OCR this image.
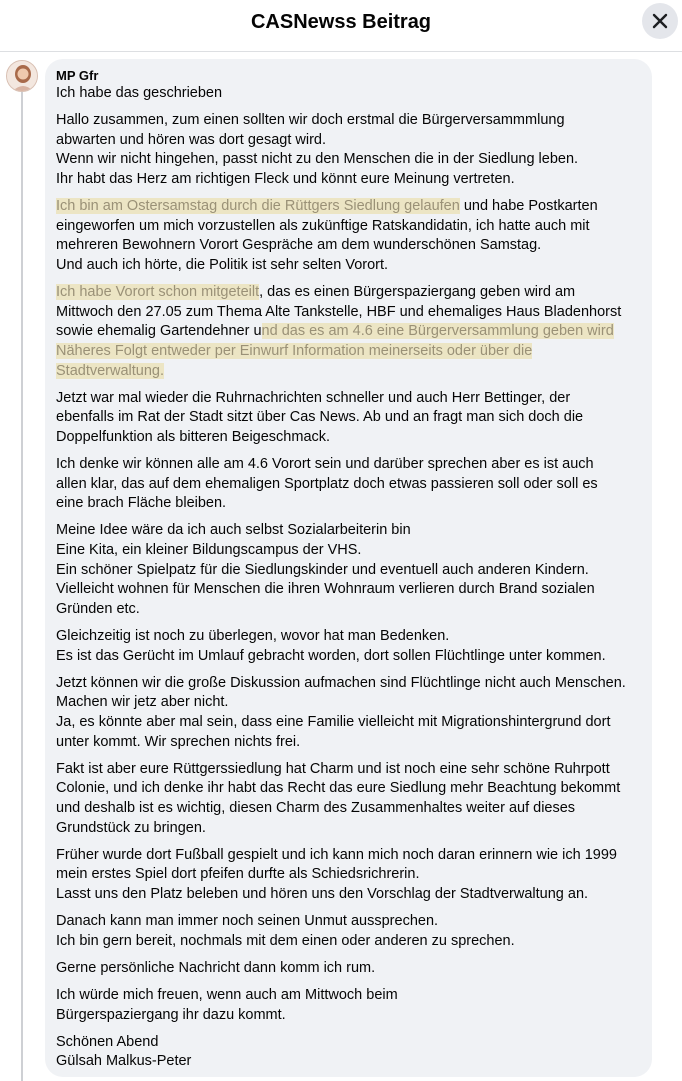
CASNewss Beitrag
MP Gfr
Ich habe das geschrieben
Hallo zusammen, zum einen sollten wir doch erstmal die Bürgerversammmlung
abwarten und hören was dort gesagt wird.
Wenn wir nicht hingehen, passt nicht zu den Menschen die in der Siedlung leben.
Ihr habt das Herz am richtigen Fleck und könnt eure Meinung vertreten.
Ich bin am Ostersamstag durch die Rüttgers Siedlung gelaufen und habe Postkarten
eingeworfen um mich vorzustellen als zukünftige Ratskandidatin, ich hatte auch mit
mehreren Bewohnern Vorort Gespräche am dem wunderschönen Samstag.
Und auch ich hörte, die Politik ist sehr selten Vorort.
Ich habe Vorort schon mitgeteilt, das es einen Bürgerspaziergang geben wird am
Mittwoch den 27.05 zum Thema Alte Tankstelle, HBF und ehemaliges Haus Bladenhorst
sowie ehemalig Gartendehner und das es am 4.6 eine Bürgerversammlung geben wird
Näheres Folgt entweder per Einwurf Information meinerseits oder über die
Stadtverwaltung.
Jetzt war mal wieder die Ruhrnachrichten schneller und auch Herr Bettinger, der
ebenfalls im Rat der Stadt sitzt über Cas News. Ab und an fragt man sich doch die
Doppelfunktion als bitteren Beigeschmack.
Ich denke wir können alle am 4.6 Vorort sein und darüber sprechen aber es ist auch
allen klar, das auf dem ehemaligen Sportplatz doch etwas passieren soll oder soll es
eine brach Fläche bleiben.
Meine Idee wäre da ich auch selbst Sozialarbeiterin bin
Eine Kita, ein kleiner Bildungscampus der VHS.
Ein schöner Spielpatz für die Siedlungskinder und eventuell auch anderen Kindern.
Vielleicht wohnen für Menschen die ihren Wohnraum verlieren durch Brand sozialen
Gründen etc.
Gleichzeitig ist noch zu überlegen, wovor hat man Bedenken.
Es ist das Gerücht im Umlauf gebracht worden, dort sollen Flüchtlinge unter kommen.
Jetzt können wir die große Diskussion aufmachen sind Flüchtlinge nicht auch Menschen.
Machen wir jetz aber nicht.
Ja, es könnte aber mal sein, dass eine Familie vielleicht mit Migrationshintergrund dort
unter kommt. Wir sprechen nichts frei.
Fakt ist aber eure Rüttgerssiedlung hat Charm und ist noch eine sehr schöne Ruhrpott
Colonie, und ich denke ihr habt das Recht das eure Siedlung mehr Beachtung bekommt
und deshalb ist es wichtig, diesen Charm des Zusammenhaltes weiter auf dieses
Grundstück zu bringen.
Früher wurde dort Fußball gespielt und ich kann mich noch daran erinnern wie ich 1999
mein erstes Spiel dort pfeifen durfte als Schiedsrichrerin.
Lasst uns den Platz beleben und hören uns den Vorschlag der Stadtverwaltung an.
Danach kann man immer noch seinen Unmut aussprechen.
Ich bin gern bereit, nochmals mit dem einen oder anderen zu sprechen.
Gerne persönliche Nachricht dann komm ich rum.
Ich würde mich freuen, wenn auch am Mittwoch beim
Bürgerspaziergang ihr dazu kommt.
Schönen Abend
Gülsah Malkus-Peter
